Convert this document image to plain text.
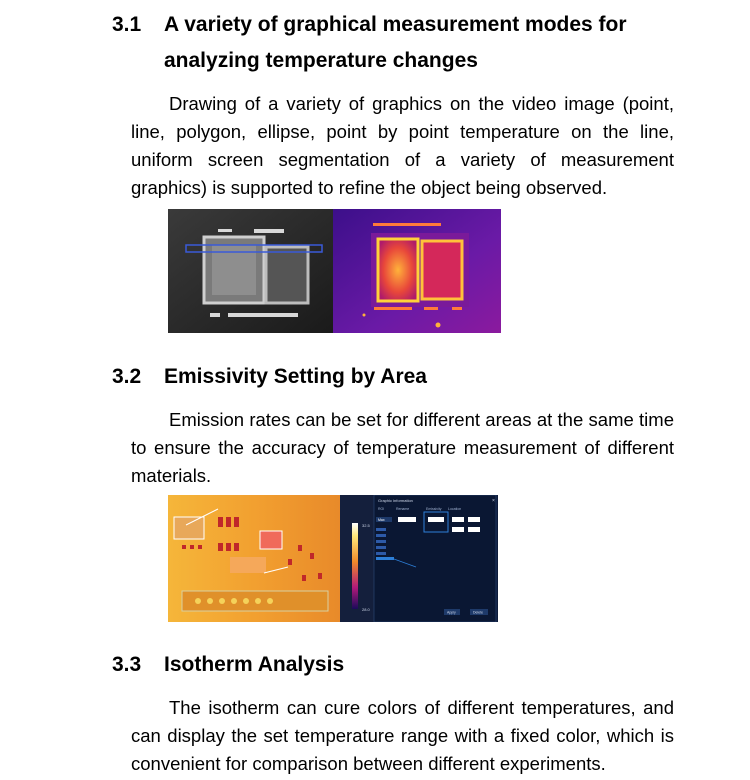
3.1 A variety of graphical measurement modes for analyzing temperature changes
Drawing of a variety of graphics on the video image (point, line, polygon, ellipse, point by point temperature on the line, uniform screen segmentation of a variety of measurement graphics) is supported to refine the object being observed.
3.2 Emissivity Setting by Area
Emission rates can be set for different areas at the same time to ensure the accuracy of temperature measurement of different materials.
32.5
28.0
Graphic information	×
ROI	Rename	Emissivity Location
Max
Apply	Delete
3.3 Isotherm Analysis
The isotherm can cure colors of different temperatures, and can display the set temperature range with a fixed color, which is convenient for comparison between different experiments.
